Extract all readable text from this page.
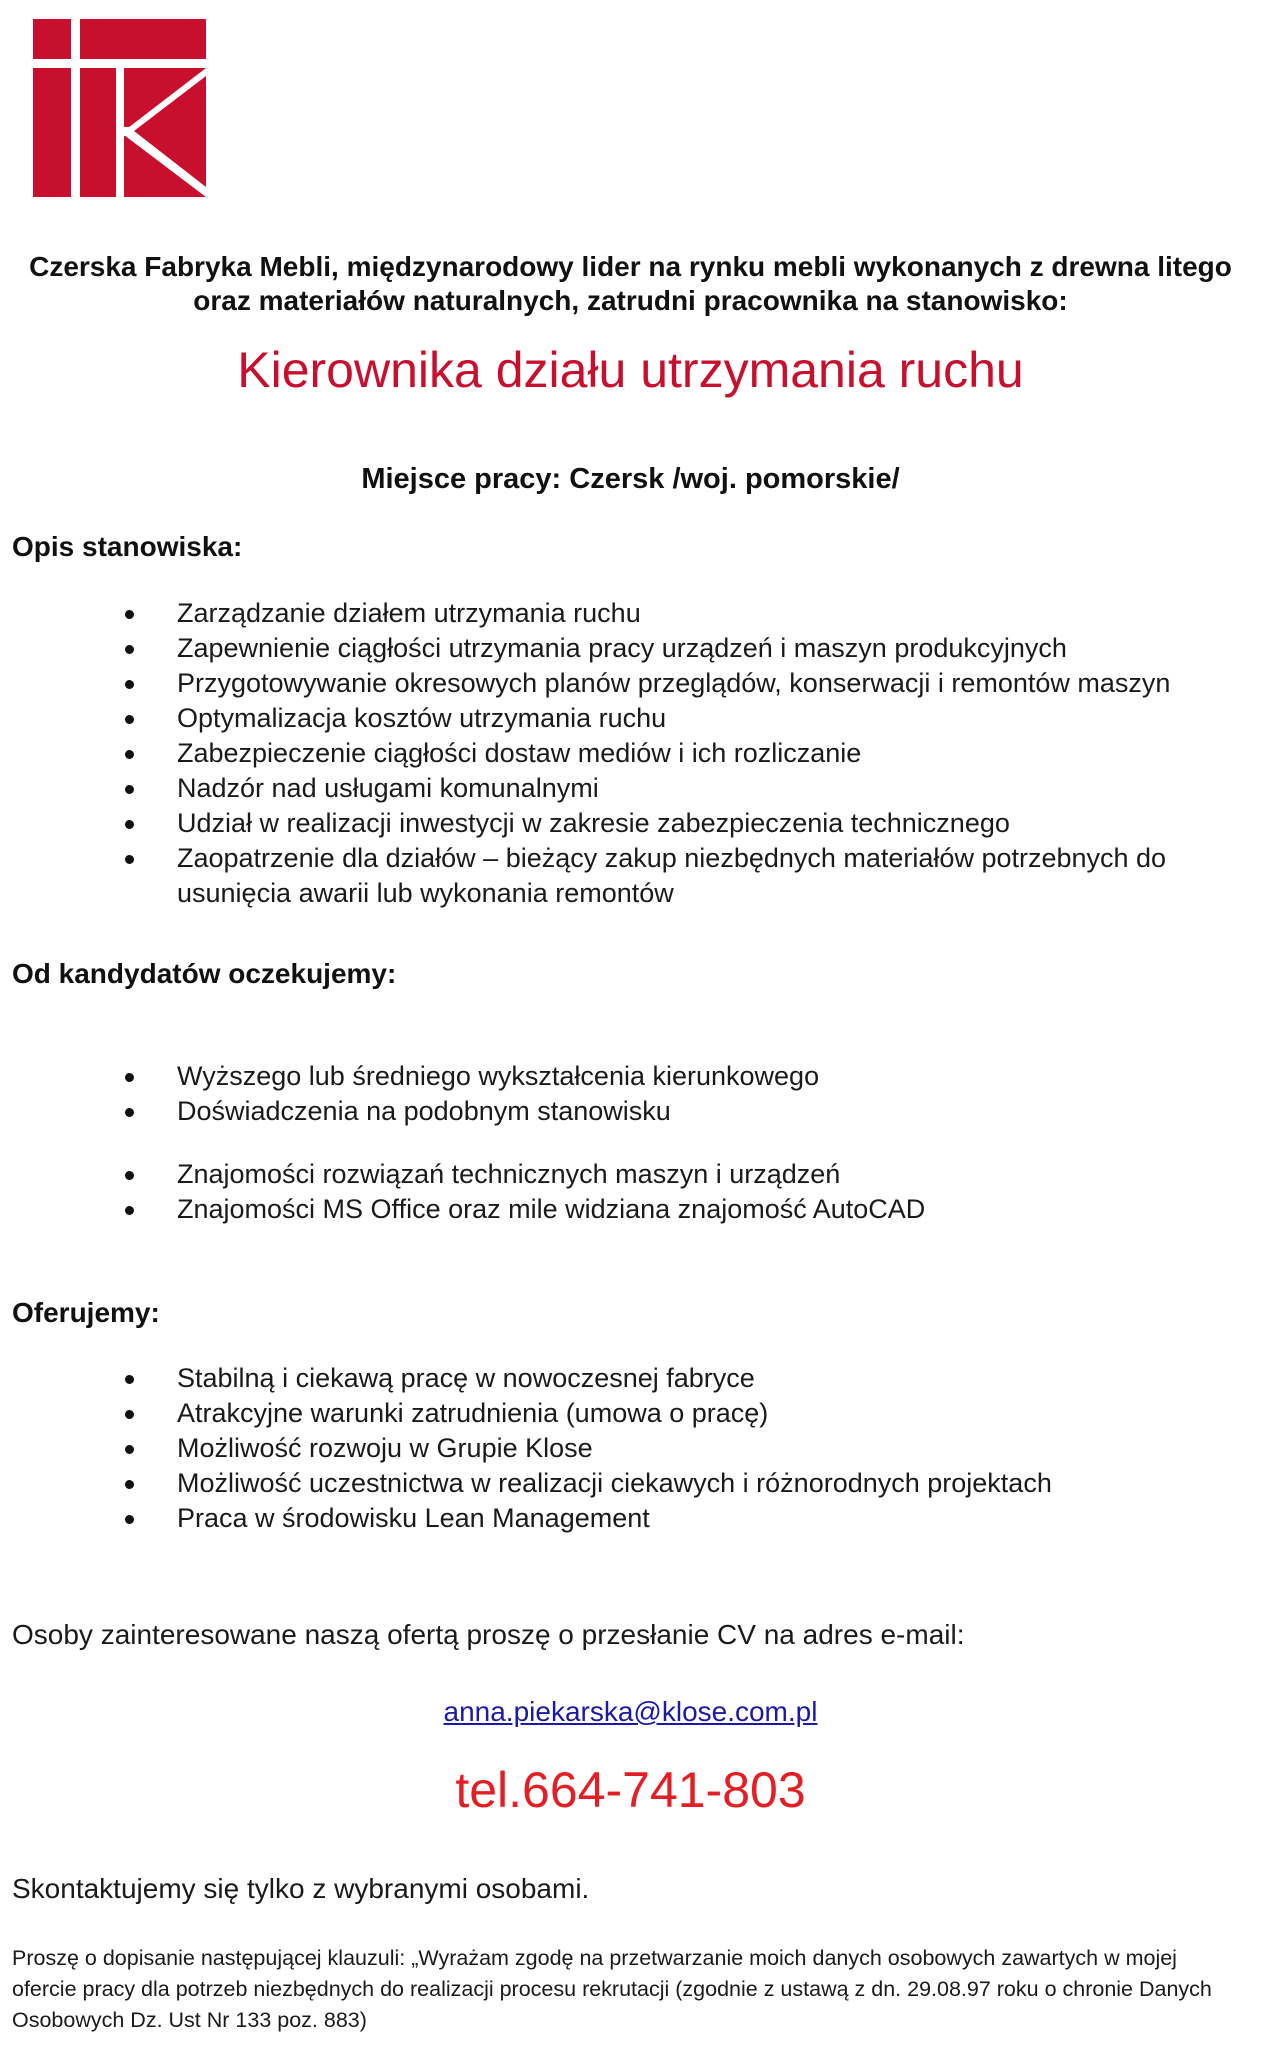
Czerska Fabryka Mebli, międzynarodowy lider na rynku mebli wykonanych z drewna litego
oraz materiałów naturalnych, zatrudni pracownika na stanowisko:
Kierownika działu utrzymania ruchu
Miejsce pracy: Czersk /woj. pomorskie/
Opis stanowiska:
Zarządzanie działem utrzymania ruchu
Zapewnienie ciągłości utrzymania pracy urządzeń i maszyn produkcyjnych
Przygotowywanie okresowych planów przeglądów, konserwacji i remontów maszyn
Optymalizacja kosztów utrzymania ruchu
Zabezpieczenie ciągłości dostaw mediów i ich rozliczanie
Nadzór nad usługami komunalnymi
Udział w realizacji inwestycji w zakresie zabezpieczenia technicznego
Zaopatrzenie dla działów – bieżący zakup niezbędnych materiałów potrzebnych do usunięcia awarii lub wykonania remontów
Od kandydatów oczekujemy:
Wyższego lub średniego wykształcenia kierunkowego
Doświadczenia na podobnym stanowisku
Znajomości rozwiązań technicznych maszyn i urządzeń
Znajomości MS Office oraz mile widziana znajomość AutoCAD
Oferujemy:
Stabilną i ciekawą pracę w nowoczesnej fabryce
Atrakcyjne warunki zatrudnienia (umowa o pracę)
Możliwość rozwoju w Grupie Klose
Możliwość uczestnictwa w realizacji ciekawych i różnorodnych projektach
Praca w środowisku Lean Management
Osoby zainteresowane naszą ofertą proszę o przesłanie CV na adres e-mail:
anna.piekarska@klose.com.pl
tel.664-741-803
Skontaktujemy się tylko z wybranymi osobami.
Proszę o dopisanie następującej klauzuli: „Wyrażam zgodę na przetwarzanie moich danych osobowych zawartych w mojej ofercie pracy dla potrzeb niezbędnych do realizacji procesu rekrutacji (zgodnie z ustawą z dn. 29.08.97 roku o chronie Danych Osobowych Dz. Ust Nr 133 poz. 883)
